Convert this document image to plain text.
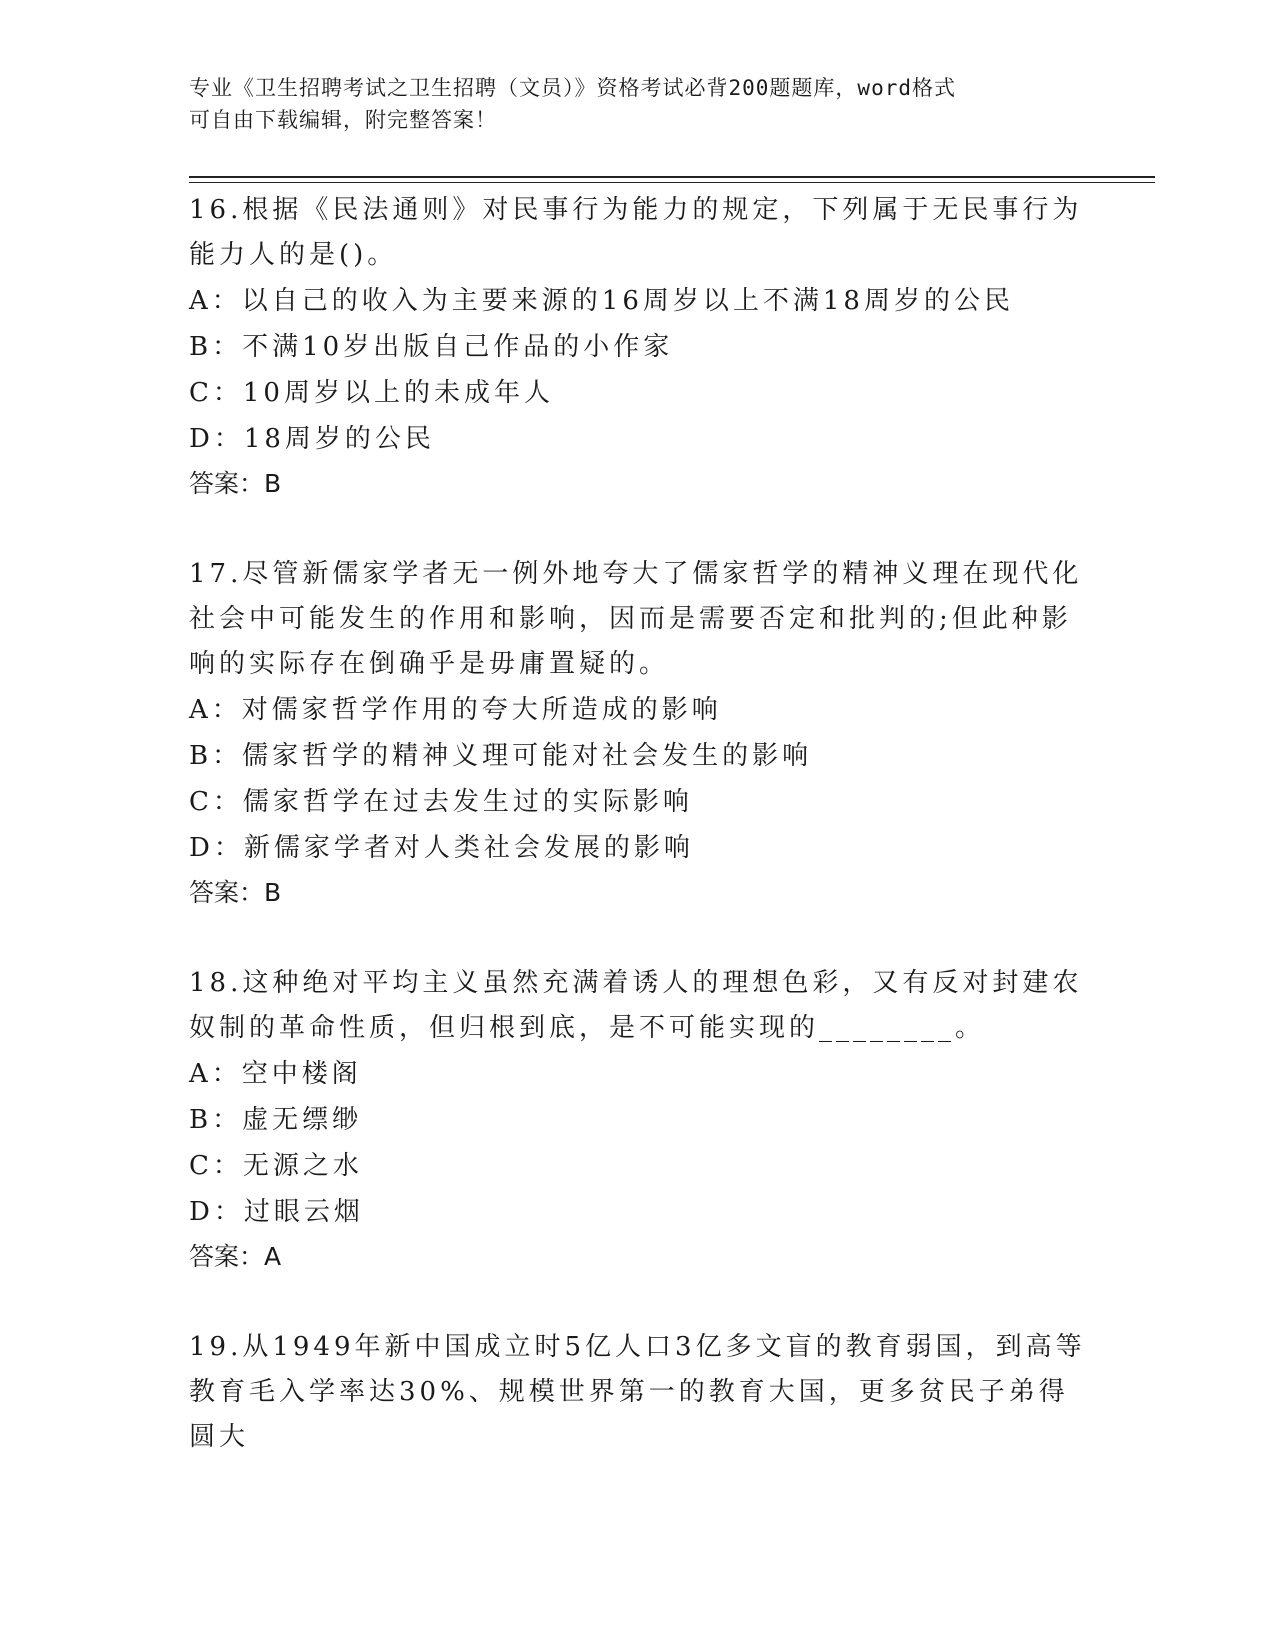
专业《卫生招聘考试之卫生招聘（文员）》资格考试必背200题题库，word格式
可自由下载编辑，附完整答案！

16.根据《民法通则》对民事行为能力的规定，下列属于无民事行为能力人的是()。

A：以自己的收入为主要来源的16周岁以上不满18周岁的公民

B：不满10岁出版自己作品的小作家

C：10周岁以上的未成年人

D：18周岁的公民

答案：B

17.尽管新儒家学者无一例外地夸大了儒家哲学的精神义理在现代化社会中可能发生的作用和影响，因而是需要否定和批判的;但此种影响的实际存在倒确乎是毋庸置疑的。

A：对儒家哲学作用的夸大所造成的影响

B：儒家哲学的精神义理可能对社会发生的影响

C：儒家哲学在过去发生过的实际影响

D：新儒家学者对人类社会发展的影响

答案：B

18.这种绝对平均主义虽然充满着诱人的理想色彩，又有反对封建农奴制的革命性质，但归根到底，是不可能实现的________。

A：空中楼阁

B：虚无缥缈

C：无源之水

D：过眼云烟

答案：A

19.从1949年新中国成立时5亿人口3亿多文盲的教育弱国，到高等教育毛入学率达30%、规模世界第一的教育大国，更多贫民子弟得圆大
